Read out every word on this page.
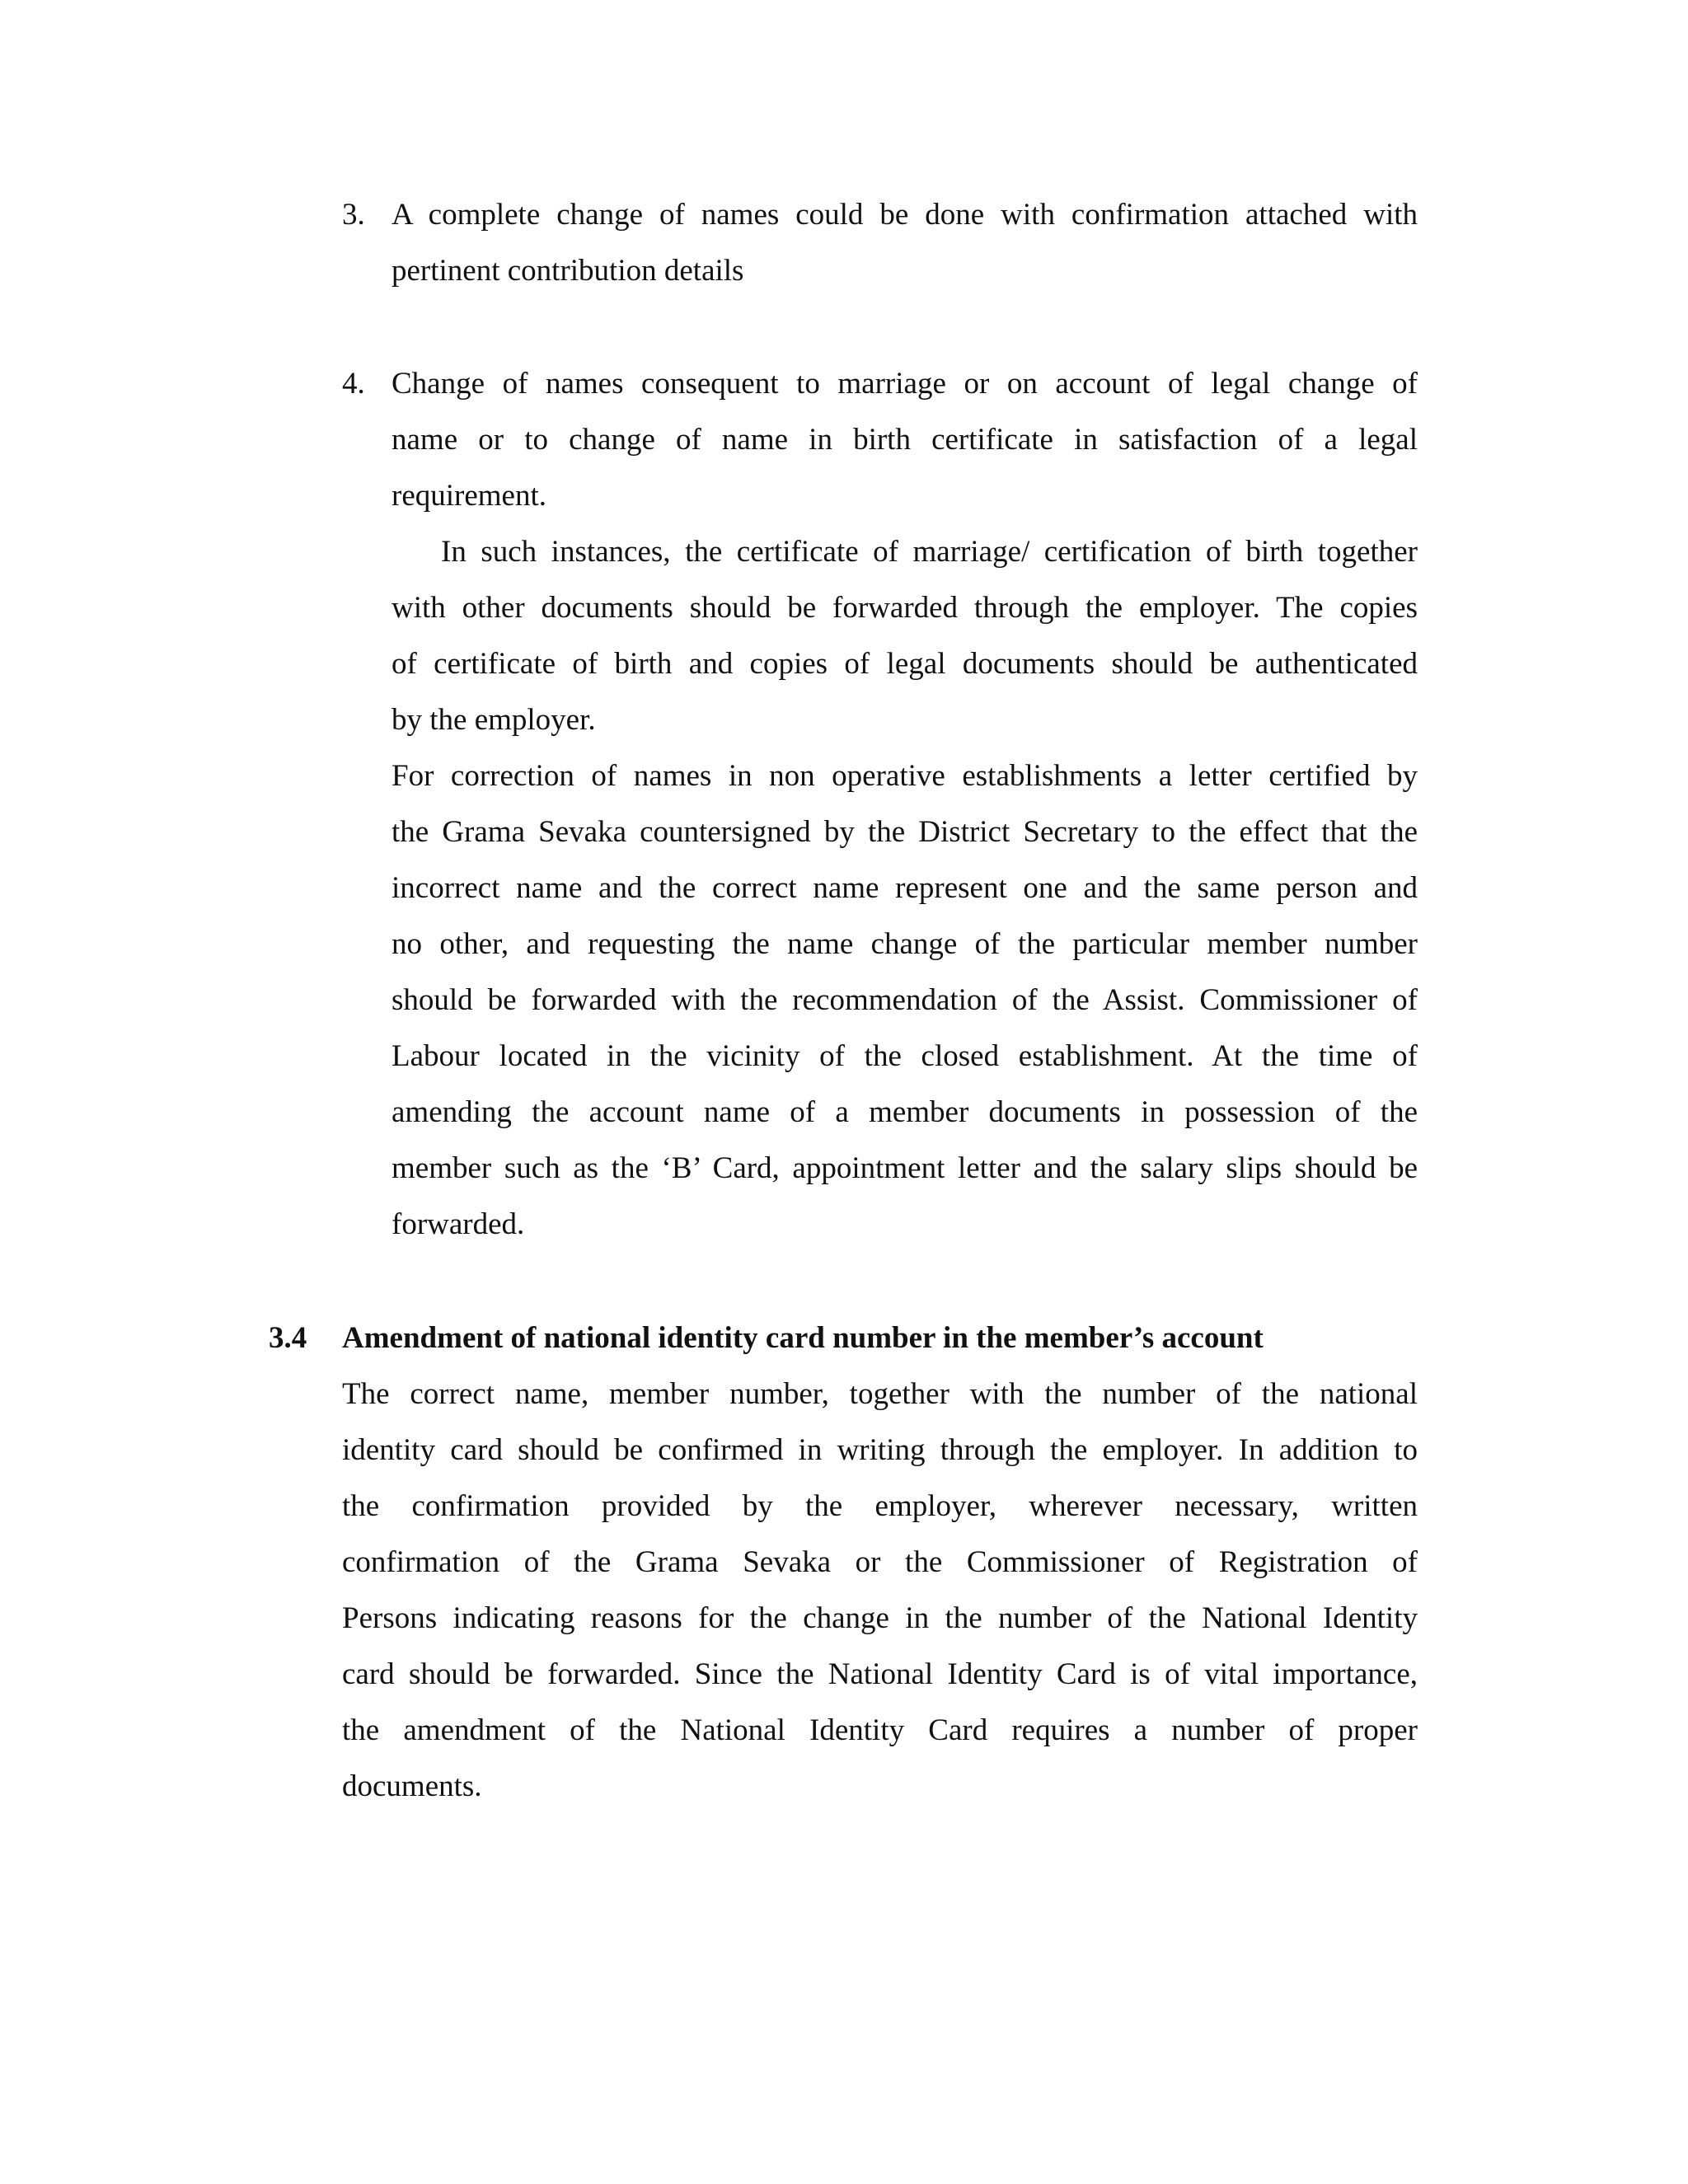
3. A complete change of names could be done with confirmation attached with
pertinent contribution details
4. Change of names consequent to marriage or on account of legal change of
name or to change of name in birth certificate in satisfaction of a legal
requirement.
In such instances, the certificate of marriage/ certification of birth together
with other documents should be forwarded through the employer. The copies
of certificate of birth and copies of legal documents should be authenticated
by the employer.
For correction of names in non operative establishments a letter certified by
the Grama Sevaka countersigned by the District Secretary to the effect that the
incorrect name and the correct name represent one and the same person and
no other, and requesting the name change of the particular member number
should be forwarded with the recommendation of the Assist. Commissioner of
Labour located in the vicinity of the closed establishment. At the time of
amending the account name of a member documents in possession of the
member such as the ‘B’ Card, appointment letter and the salary slips should be
forwarded.
3.4 Amendment of national identity card number in the member’s account
The correct name, member number, together with the number of the national
identity card should be confirmed in writing through the employer. In addition to
the confirmation provided by the employer, wherever necessary, written
confirmation of the Grama Sevaka or the Commissioner of Registration of
Persons indicating reasons for the change in the number of the National Identity
card should be forwarded. Since the National Identity Card is of vital importance,
the amendment of the National Identity Card requires a number of proper
documents.
